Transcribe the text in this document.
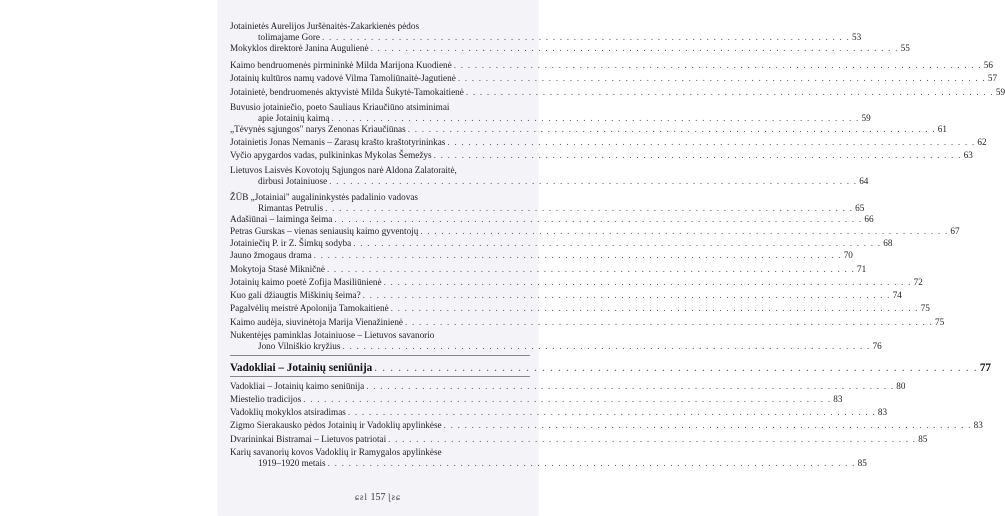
Jotainietės Aurelijos Juršėnaitės-Zakarkienės pėdos
tolimajame Gore . . . . . . . . . . . . . . . . . . . . . . . . . . . . . . . . . . . . . . . . . . . . . . . . . . . . . . . . . . . . . . . . . . . . . . . . . . . . 53
Mokyklos direktorė Janina Augulienė . . . . . . . . . . . . . . . . . . . . . . . . . . . . . . . . . . . . . . . . . . . . . . . . . . . . . . . . . . . . . . . . . . . . . . . . . . . . 55
Kaimo bendruomenės pirmininkė Milda Marijona Kuodienė . . . . . . . . . . . . . . . . . . . . . . . . . . . . . . . . . . . . . . . . . . . . . . . . . . . . . . . . . . . . . . . . . . . . . . . . . . . . 56
Jotainių kultūros namų vadovė Vilma Tamoliūnaitė-Jagutienė . . . . . . . . . . . . . . . . . . . . . . . . . . . . . . . . . . . . . . . . . . . . . . . . . . . . . . . . . . . . . . . . . . . . . . . . . . . . 57
Jotainietė, bendruomenės aktyvistė Milda Šukytė-Tamokaitienė . . . . . . . . . . . . . . . . . . . . . . . . . . . . . . . . . . . . . . . . . . . . . . . . . . . . . . . . . . . . . . . . . . . . . . . . . . . . 59
Buvusio jotainiečio, poeto Sauliaus Kriaučiūno atsiminimai
apie Jotainių kaimą . . . . . . . . . . . . . . . . . . . . . . . . . . . . . . . . . . . . . . . . . . . . . . . . . . . . . . . . . . . . . . . . . . . . . . . . . . . . 59
„Tėvynės sąjungos" narys Zenonas Kriaučiūnas . . . . . . . . . . . . . . . . . . . . . . . . . . . . . . . . . . . . . . . . . . . . . . . . . . . . . . . . . . . . . . . . . . . . . . . . . . . . 61
Jotainietis Jonas Nemanis – Zarasų krašto kraštotyrininkas . . . . . . . . . . . . . . . . . . . . . . . . . . . . . . . . . . . . . . . . . . . . . . . . . . . . . . . . . . . . . . . . . . . . . . . . . . . . 62
Vyčio apygardos vadas, pulkininkas Mykolas Šemežys . . . . . . . . . . . . . . . . . . . . . . . . . . . . . . . . . . . . . . . . . . . . . . . . . . . . . . . . . . . . . . . . . . . . . . . . . . . . 63
Lietuvos Laisvės Kovotojų Sąjungos narė Aldona Zalatoraitė,
dirbusi Jotainiuose . . . . . . . . . . . . . . . . . . . . . . . . . . . . . . . . . . . . . . . . . . . . . . . . . . . . . . . . . . . . . . . . . . . . . . . . . . . . 64
ŽŪB „Jotainiai" augalininkystės padalinio vadovas
Rimantas Petrulis . . . . . . . . . . . . . . . . . . . . . . . . . . . . . . . . . . . . . . . . . . . . . . . . . . . . . . . . . . . . . . . . . . . . . . . . . . . . 65
Adašiūnai – laiminga šeima . . . . . . . . . . . . . . . . . . . . . . . . . . . . . . . . . . . . . . . . . . . . . . . . . . . . . . . . . . . . . . . . . . . . . . . . . . . . 66
Petras Gurskas – vienas seniausių kaimo gyventojų . . . . . . . . . . . . . . . . . . . . . . . . . . . . . . . . . . . . . . . . . . . . . . . . . . . . . . . . . . . . . . . . . . . . . . . . . . . . 67
Jotainiečių P. ir Z. Šimkų sodyba . . . . . . . . . . . . . . . . . . . . . . . . . . . . . . . . . . . . . . . . . . . . . . . . . . . . . . . . . . . . . . . . . . . . . . . . . . . . 68
Jauno žmogaus drama . . . . . . . . . . . . . . . . . . . . . . . . . . . . . . . . . . . . . . . . . . . . . . . . . . . . . . . . . . . . . . . . . . . . . . . . . . . . 70
Mokytoja Stasė Mikničnė . . . . . . . . . . . . . . . . . . . . . . . . . . . . . . . . . . . . . . . . . . . . . . . . . . . . . . . . . . . . . . . . . . . . . . . . . . . . 71
Jotainių kaimo poetė Zofija Masiliūnienė . . . . . . . . . . . . . . . . . . . . . . . . . . . . . . . . . . . . . . . . . . . . . . . . . . . . . . . . . . . . . . . . . . . . . . . . . . . . 72
Kuo gali džiaugtis Miškinių šeima? . . . . . . . . . . . . . . . . . . . . . . . . . . . . . . . . . . . . . . . . . . . . . . . . . . . . . . . . . . . . . . . . . . . . . . . . . . . . 74
Pagalvėlių meistrė Apolonija Tamokaitienė . . . . . . . . . . . . . . . . . . . . . . . . . . . . . . . . . . . . . . . . . . . . . . . . . . . . . . . . . . . . . . . . . . . . . . . . . . . . 75
Kaimo audėja, siuvinėtoja Marija Vienažinienė . . . . . . . . . . . . . . . . . . . . . . . . . . . . . . . . . . . . . . . . . . . . . . . . . . . . . . . . . . . . . . . . . . . . . . . . . . . . 75
Nukentėjęs paminklas Jotainiuose – Lietuvos savanorio
Jono Vilniškio kryžius . . . . . . . . . . . . . . . . . . . . . . . . . . . . . . . . . . . . . . . . . . . . . . . . . . . . . . . . . . . . . . . . . . . . . . . . . . . . 76
Vadokliai – Jotainių seniūnija . . . . . . . . . . . . . . . . . . . . . . . . . . . . . . . . . . . . . . . . . . . . . . . . . . . . . . . . . . . . . . . . . . . . . . . . . . . . 77
Vadokliai – Jotainių kaimo seniūnija . . . . . . . . . . . . . . . . . . . . . . . . . . . . . . . . . . . . . . . . . . . . . . . . . . . . . . . . . . . . . . . . . . . . . . . . . . . . 80
Miestelio tradicijos . . . . . . . . . . . . . . . . . . . . . . . . . . . . . . . . . . . . . . . . . . . . . . . . . . . . . . . . . . . . . . . . . . . . . . . . . . . . 83
Vadoklių mokyklos atsiradimas . . . . . . . . . . . . . . . . . . . . . . . . . . . . . . . . . . . . . . . . . . . . . . . . . . . . . . . . . . . . . . . . . . . . . . . . . . . . 83
Zigmo Sierakausko pėdos Jotainių ir Vadoklių apylinkėse . . . . . . . . . . . . . . . . . . . . . . . . . . . . . . . . . . . . . . . . . . . . . . . . . . . . . . . . . . . . . . . . . . . . . . . . . . . . 83
Dvarininkai Bistramai – Lietuvos patriotai . . . . . . . . . . . . . . . . . . . . . . . . . . . . . . . . . . . . . . . . . . . . . . . . . . . . . . . . . . . . . . . . . . . . . . . . . . . . 85
Karių savanorių kovos Vadoklių ir Ramygalos apylinkėse
1919–1920 metais . . . . . . . . . . . . . . . . . . . . . . . . . . . . . . . . . . . . . . . . . . . . . . . . . . . . . . . . . . . . . . . . . . . . . . . . . . . . 85
ɕƨl 157 ɭƨɕ
